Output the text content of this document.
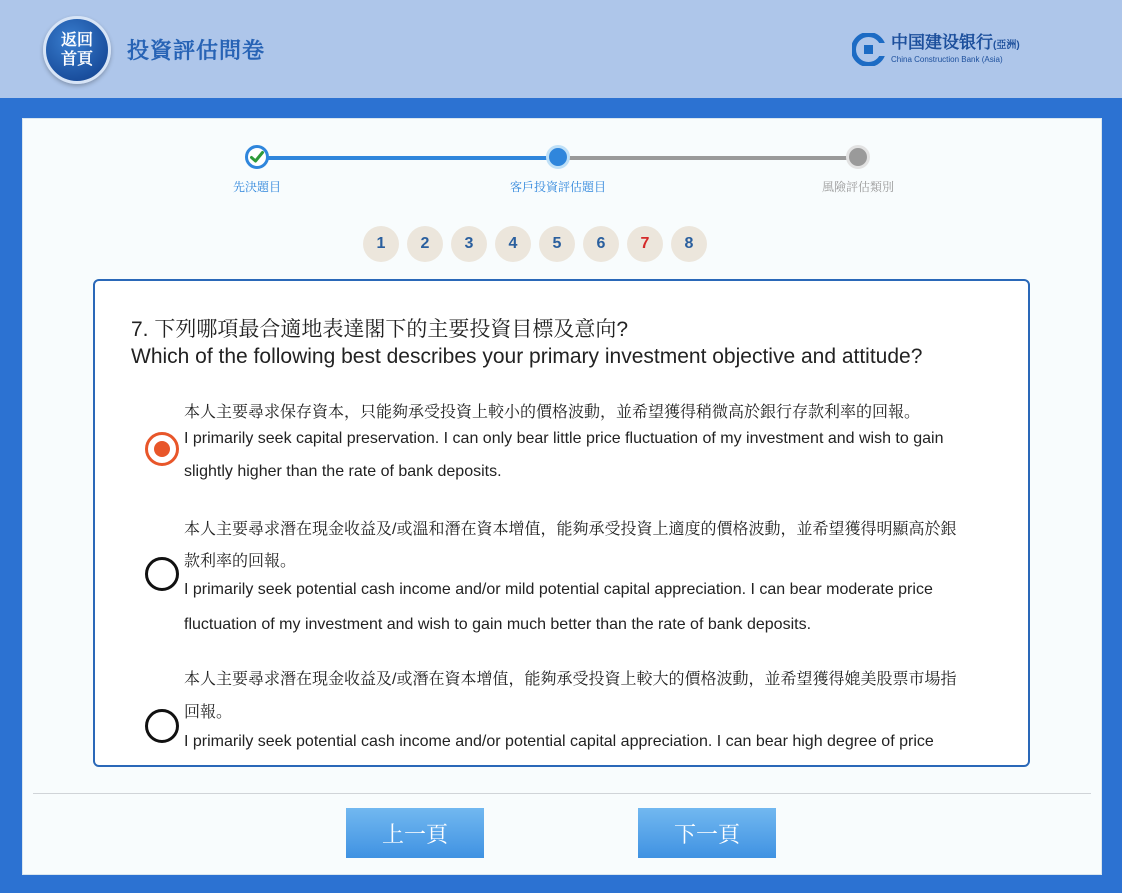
返回首頁 投資評估問卷	中国建设银行(亞洲)
China Construction Bank (Asia)
先決題目	客戶投資評估題目	風險評估類別
1	2	3	4	5	6	7	8
7. 下列哪項最合適地表達閣下的主要投資目標及意向?
Which of the following best describes your primary investment objective and attitude?
本人主要尋求保存資本，只能夠承受投資上較小的價格波動，並希望獲得稍微高於銀行存款利率的回報。
I primarily seek capital preservation. I can only bear little price fluctuation of my investment and wish to gain
slightly higher than the rate of bank deposits.
本人主要尋求潛在現金收益及/或溫和潛在資本增值，能夠承受投資上適度的價格波動，並希望獲得明顯高於銀
款利率的回報。
I primarily seek potential cash income and/or mild potential capital appreciation. I can bear moderate price
fluctuation of my investment and wish to gain much better than the rate of bank deposits.
本人主要尋求潛在現金收益及/或潛在資本增值，能夠承受投資上較大的價格波動，並希望獲得媲美股票市場指
回報。
I primarily seek potential cash income and/or potential capital appreciation. I can bear high degree of price
上一頁	下一頁
